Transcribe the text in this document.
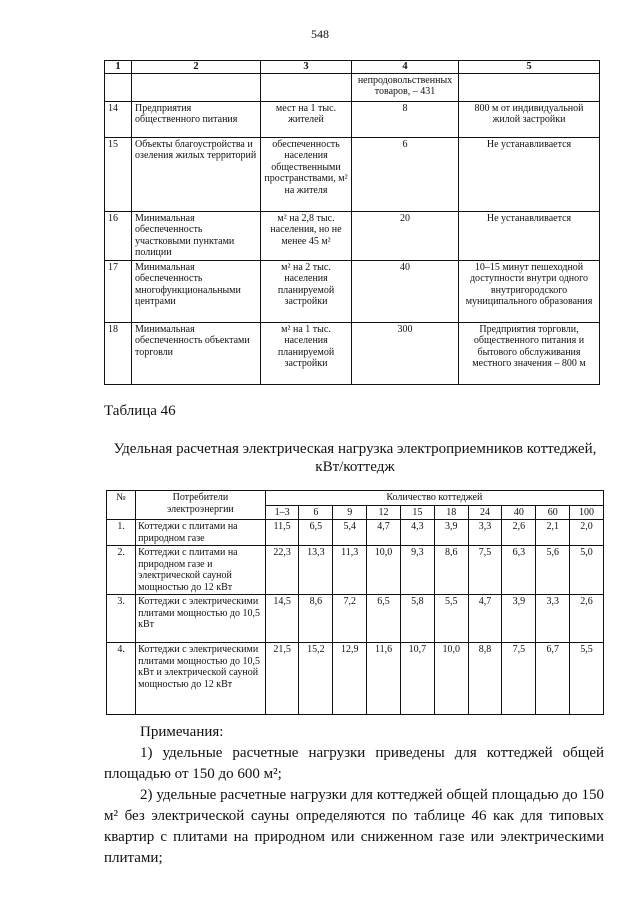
548
1	2	3	4	5
			непродовольственных товаров, – 431	
14	Предприятия общественного питания	мест на 1 тыс. жителей	8	800 м от индивидуальной жилой застройки
15	Объекты благоустройства и озеления жилых территорий	обеспеченность населения общественными пространствами, м² на жителя	6	Не устанавливается
16	Минимальная обеспеченность участковыми пунктами полиции	м² на 2,8 тыс. населения, но не менее 45 м²	20	Не устанавливается
17	Минимальная обеспеченность многофункциональными центрами	м² на 2 тыс. населения планируемой застройки	40	10–15 минут пешеходной доступности внутри одного внутригородского муниципального образования
18	Минимальная обеспеченность объектами торговли	м² на 1 тыс. населения планируемой застройки	300	Предприятия торговли, общественного питания и бытового обслуживания местного значения – 800 м
Таблица 46
Удельная расчетная электрическая нагрузка электроприемников коттеджей,
кВт/коттедж
№	Потребители электроэнергии	Количество коттеджей									
		1–3	6	9	12	15	18	24	40	60	100
1.	Коттеджи с плитами на природном газе	11,5	6,5	5,4	4,7	4,3	3,9	3,3	2,6	2,1	2,0
2.	Коттеджи с плитами на природном газе и электрической сауной мощностью до 12 кВт	22,3	13,3	11,3	10,0	9,3	8,6	7,5	6,3	5,6	5,0
3.	Коттеджи с электрическими плитами мощностью до 10,5 кВт	14,5	8,6	7,2	6,5	5,8	5,5	4,7	3,9	3,3	2,6
4.	Коттеджи с электрическими плитами мощностью до 10,5 кВт и электрической сауной мощностью до 12 кВт	21,5	15,2	12,9	11,6	10,7	10,0	8,8	7,5	6,7	5,5

Примечания:

1) удельные расчетные нагрузки приведены для коттеджей общей площадью от 150 до 600 м²;

2) удельные расчетные нагрузки для коттеджей общей площадью до 150 м² без электрической сауны определяются по таблице 46 как для типовых квартир с плитами на природном или сниженном газе или электрическими плитами;
